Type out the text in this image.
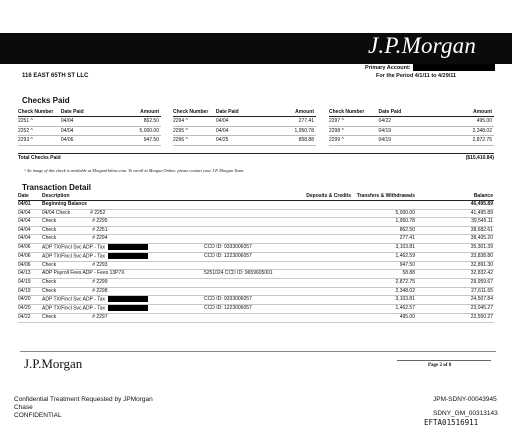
J.P.Morgan
116 EAST 65TH ST LLC
Primary Account:
For the Period 4/1/11 to 4/29/11
Checks Paid
Check Number	Date Paid	Amount
2251 ^	04/04	862.50
2252 ^	04/04	5,000.00
2293 ^	04/06	947.50
Check Number	Date Paid	Amount
2294 ^	04/04	277.41
2295 ^	04/04	1,950.78
2296 ^	04/25	858.88
Check Number	Date Paid	Amount
2297 ^	04/22	495.00
2298 ^	04/19	2,348.02
2299 ^	04/19	2,872.75
Total Checks Paid	($15,410.84)
^ An image of this check is available at MorganOnline.com. To enroll in Morgan Online, please contact your J.P. Morgan Team.
Transaction Detail
Date	Description		Deposits & Credits	Transfers & Withdrawals	Balance
04/01	Beginning Balance				46,495.89
04/04	04/04 Check # 2252			5,000.00	41,495.89
04/04	Check # 2295			1,950.78	39,545.11
04/04	Check # 2251			862.50	38,682.61
04/04	Check # 2294			277.41	38,405.20
04/06	ADP TX/Fincl Svc ADP - Tax	CCD ID: 9333006057		3,103.81	35,301.39
04/06	ADP TX/Fincl Svc ADP - Tax	CCD ID: 1223006057		1,462.59	33,838.80
04/06	Check # 2293			947.50	32,891.30
04/13	ADP Payroll Fees ADP - Fees 13P7X	5251024 CCD ID: 9659605001		58.88	32,832.42
04/19	Check # 2299			2,872.75	29,959.67
04/19	Check # 2298			2,348.02	27,611.65
04/20	ADP TX/Fincl Svc ADP - Tax	CCD ID: 9333006057		3,103.81	24,507.84
04/20	ADP TX/Fincl Svc ADP - Tax	CCD ID: 1223006057		1,462.57	23,045.27
04/22	Check # 2297			495.00	22,550.27
J.P.Morgan	Page 2 of 8
Confidential Treatment Requested by JPMorgan
Chase
CONFIDENTIAL
JPM-SDNY-00043945
SDNY_GM_00313143
EFTA01516911
